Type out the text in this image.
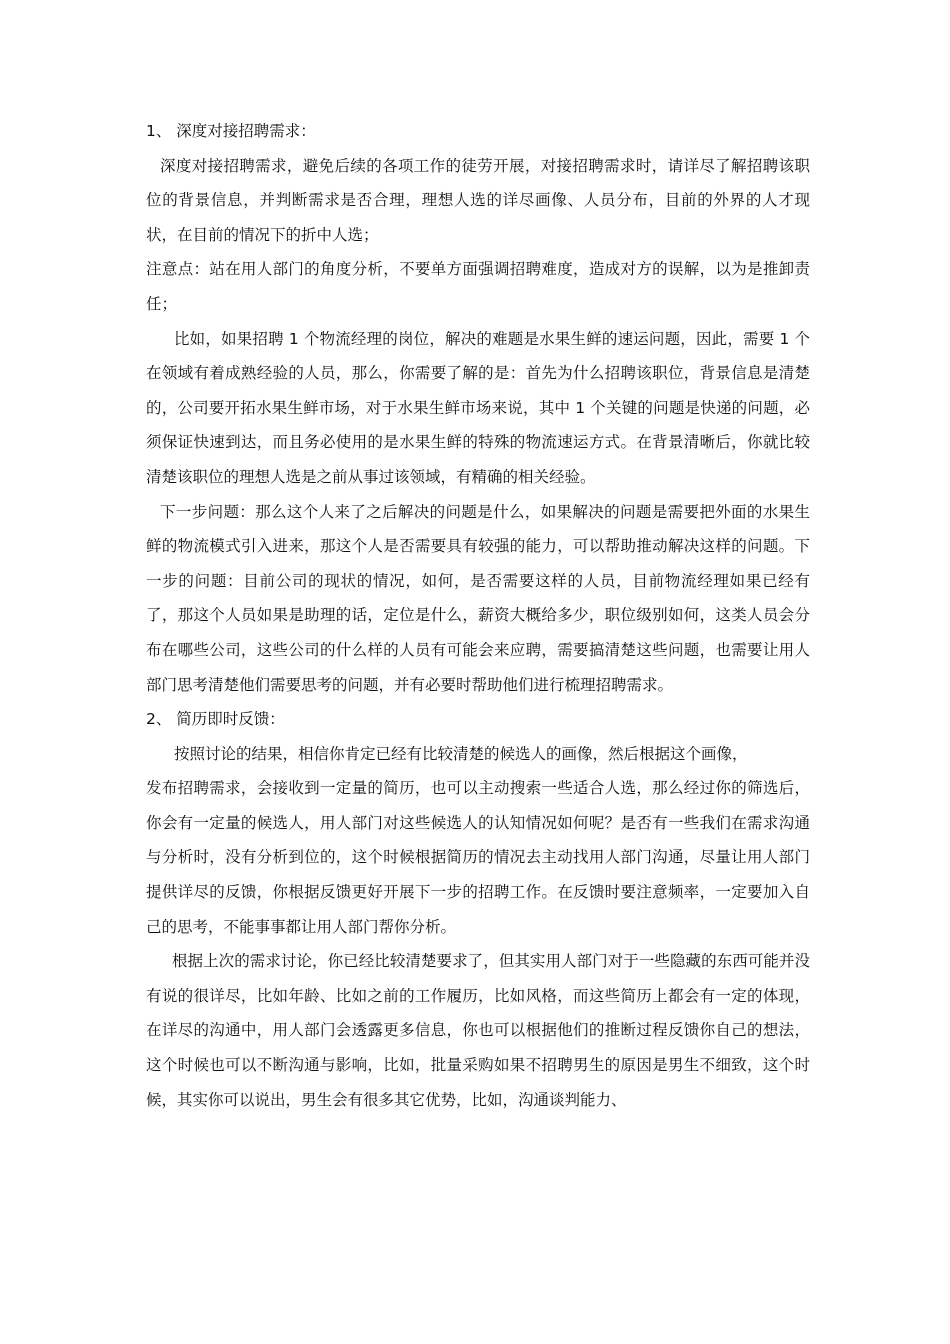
1、 深度对接招聘需求：

深度对接招聘需求，避免后续的各项工作的徒劳开展，对接招聘需求时，请详尽了解招聘该职位的背景信息，并判断需求是否合理，理想人选的详尽画像、人员分布，目前的外界的人才现状，在目前的情况下的折中人选；

注意点：站在用人部门的角度分析，不要单方面强调招聘难度，造成对方的误解，以为是推卸责任；

比如，如果招聘 1 个物流经理的岗位，解决的难题是水果生鲜的速运问题，因此，需要 1 个在领域有着成熟经验的人员，那么，你需要了解的是：首先为什么招聘该职位，背景信息是清楚的，公司要开拓水果生鲜市场，对于水果生鲜市场来说，其中 1 个关键的问题是快递的问题，必须保证快速到达，而且务必使用的是水果生鲜的特殊的物流速运方式。在背景清晰后，你就比较清楚该职位的理想人选是之前从事过该领域，有精确的相关经验。

下一步问题：那么这个人来了之后解决的问题是什么，如果解决的问题是需要把外面的水果生鲜的物流模式引入进来，那这个人是否需要具有较强的能力，可以帮助推动解决这样的问题。下一步的问题：目前公司的现状的情况，如何，是否需要这样的人员，目前物流经理如果已经有了，那这个人员如果是助理的话，定位是什么，薪资大概给多少，职位级别如何，这类人员会分布在哪些公司，这些公司的什么样的人员有可能会来应聘，需要搞清楚这些问题，也需要让用人部门思考清楚他们需要思考的问题，并有必要时帮助他们进行梳理招聘需求。

2、 简历即时反馈：

按照讨论的结果，相信你肯定已经有比较清楚的候选人的画像，然后根据这个画像，

发布招聘需求，会接收到一定量的简历，也可以主动搜索一些适合人选，那么经过你的筛选后，你会有一定量的候选人，用人部门对这些候选人的认知情况如何呢？是否有一些我们在需求沟通与分析时，没有分析到位的，这个时候根据简历的情况去主动找用人部门沟通，尽量让用人部门提供详尽的反馈，你根据反馈更好开展下一步的招聘工作。在反馈时要注意频率，一定要加入自己的思考，不能事事都让用人部门帮你分析。

根据上次的需求讨论，你已经比较清楚要求了，但其实用人部门对于一些隐藏的东西可能并没有说的很详尽，比如年龄、比如之前的工作履历，比如风格，而这些简历上都会有一定的体现，在详尽的沟通中，用人部门会透露更多信息，你也可以根据他们的推断过程反馈你自己的想法，这个时候也可以不断沟通与影响，比如，批量采购如果不招聘男生的原因是男生不细致，这个时候，其实你可以说出，男生会有很多其它优势，比如，沟通谈判能力、
